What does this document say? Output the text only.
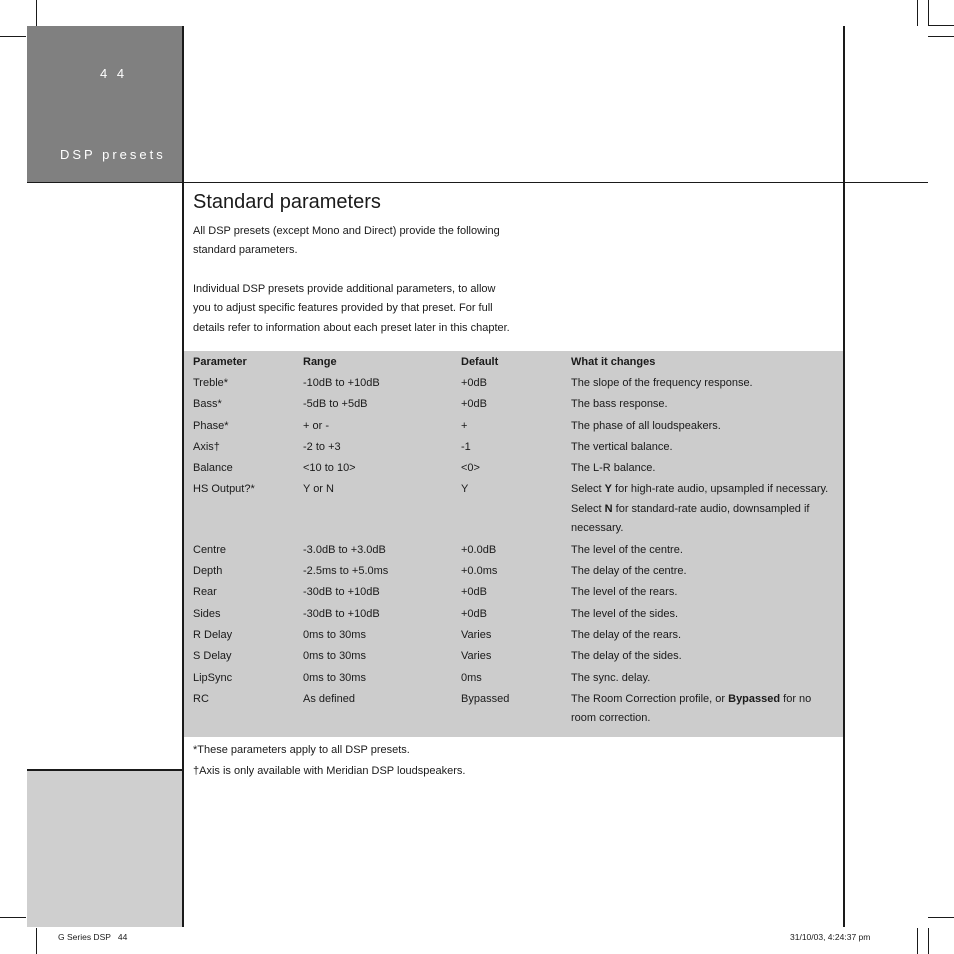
4 4
DSP presets
Standard parameters

All DSP presets (except Mono and Direct) provide the following standard parameters.

Individual DSP presets provide additional parameters, to allow you to adjust specific features provided by that preset. For full details refer to information about each preset later in this chapter.

Parameter	Range	Default	What it changes
Treble*	-10dB to +10dB	+0dB	The slope of the frequency response.
Bass*	-5dB to +5dB	+0dB	The bass response.
Phase*	+ or -	+	The phase of all loudspeakers.
Axis†	-2 to +3	-1	The vertical balance.
Balance	<10 to 10>	<0>	The L-R balance.
HS Output?*	Y or N	Y	Select Y for high-rate audio, upsampled if necessary. Select N for standard-rate audio, downsampled if necessary.
Centre	-3.0dB to +3.0dB	+0.0dB	The level of the centre.
Depth	-2.5ms to +5.0ms	+0.0ms	The delay of the centre.
Rear	-30dB to +10dB	+0dB	The level of the rears.
Sides	-30dB to +10dB	+0dB	The level of the sides.
R Delay	0ms to 30ms	Varies	The delay of the rears.
S Delay	0ms to 30ms	Varies	The delay of the sides.
LipSync	0ms to 30ms	0ms	The sync. delay.
RC	As defined	Bypassed	The Room Correction profile, or Bypassed for no room correction.
*These parameters apply to all DSP presets.
†Axis is only available with Meridian DSP loudspeakers.
G Series DSP   44	31/10/03, 4:24:37 pm
